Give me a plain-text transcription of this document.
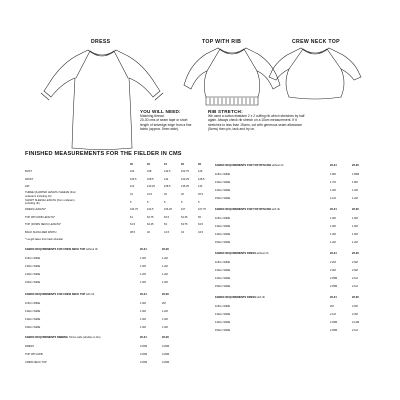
DRESS	TOP WITH RIB	CREW NECK TOP
YOU WILL NEED:
Matching thread.
20-30 cms of seam tape or short
length of selvedge edge from a fine
fabric (approx. 5mm wide).
RIB STRETCH:
We used a cotton elastane 2 x 2 cuffing rib which stretches by half
again. Always check rib stretch on a 10cm measurement. If it
stretches to less than 15cms, cut with generous seam allowance
(5cms) then pin, tack and try on.
FINISHED MEASUREMENTS FOR THE FIELDER IN CMS
	20	22	24	26	28
BUST	104	108	144.5	102.75	126
WAIST	104.5	108.5	144	123.25	128.5
HIP	110	120.25	108.5	135.35	142
THREE QUARTER LENGTH SLEEVE (from
underarm including rib)	31	31.5	32	32	32.5
SHORT SLEEVE LENGTH (from underarm,
including rib)	5	5	5	5	5
DRESS LENGTH*	104.75	102.5	106.25	107	107.75
TOP WITH RIB LENGTH*	61	62.75	62.5	64.25	65
TOP (DOWN NECK) LENGTH*	61.5	62.25	63	63.75	64.5
BACK SHOULDER WIDTH	38.5	40	41.5	43	44.5
* Length taken from back shoulder
FABRIC REQUIREMENTS FOR CREW NECK TOP without rib	20-24	26-28
115cm WIDE	1.0M	1.2M
130cm WIDE	1.0M	1.2M
140cm WIDE	1.2M	1.2M
150cm WIDE	1.0M	1.0M
FABRIC REQUIREMENTS FOR CREW NECK TOP with rib	20-24	26-28
115cm WIDE	1.0M	2M
130cm WIDE	1.0M	1.2M
140cm WIDE	1.0M	1.0M
150cm WIDE	1.0M	1.0M
FABRIC REQUIREMENTS RIBBING 70cms wide (double on the)	20-24	26-28
DRESS	0.20M	0.20M
TOP WITH RIB	0.20M	0.20M
CREW NECK TOP	0.20M	0.20M
FABRIC REQUIREMENTS FOR TOP WITH RIB without rib	20-24	26-28
115cm WIDE	1.8M	1.85M
130cm WIDE	1.7M	1.8M
140cm WIDE	1.3M	1.3M
150cm WIDE	1.1M	1.2M
FABRIC REQUIREMENTS FOR TOP WITH RIB with rib	20-24	26-28
115cm WIDE	1.9M	1.9M
130cm WIDE	1.9M	1.9M
140cm WIDE	1.3M	1.6M
150cm WIDE	1.2M	1.2M
FABRIC REQUIREMENTS DRESS without rib	20-24	26-28
115cm WIDE	2.2M	2.9M
130cm WIDE	2.0M	2.9M
140cm WIDE	2.05M	2.1M
150cm WIDE	2.05M	2.1M
FABRIC REQUIREMENTS DRESS with rib	20-24	26-28
115cm WIDE	2M	2.0M
130cm WIDE	2.1M	2.3M
140cm WIDE	2.09M	2.14M
150cm WIDE	2.05M	2.1M
